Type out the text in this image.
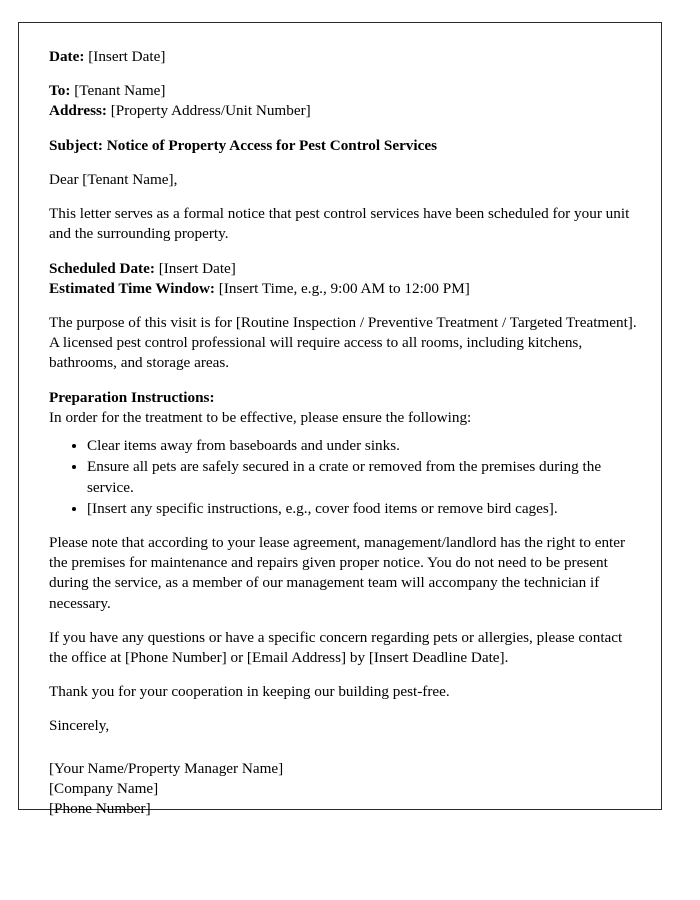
Date: [Insert Date]

To: [Tenant Name]

Address: [Property Address/Unit Number]

Subject: Notice of Property Access for Pest Control Services
Dear [Tenant Name],

This letter serves as a formal notice that pest control services have been scheduled for your unit and the surrounding property.

Scheduled Date: [Insert Date]

Estimated Time Window: [Insert Time, e.g., 9:00 AM to 12:00 PM]

The purpose of this visit is for [Routine Inspection / Preventive Treatment / Targeted Treatment]. A licensed pest control professional will require access to all rooms, including kitchens, bathrooms, and storage areas.

Preparation Instructions:

In order for the treatment to be effective, please ensure the following:

• Clear items away from baseboards and under sinks.
• Ensure all pets are safely secured in a crate or removed from the premises during the service.
• [Insert any specific instructions, e.g., cover food items or remove bird cages].

Please note that according to your lease agreement, management/landlord has the right to enter the premises for maintenance and repairs given proper notice. You do not need to be present during the service, as a member of our management team will accompany the technician if necessary.

If you have any questions or have a specific concern regarding pets or allergies, please contact the office at [Phone Number] or [Email Address] by [Insert Deadline Date].

Thank you for your cooperation in keeping our building pest-free.

Sincerely,

[Your Name/Property Manager Name]

[Company Name]

[Phone Number]
